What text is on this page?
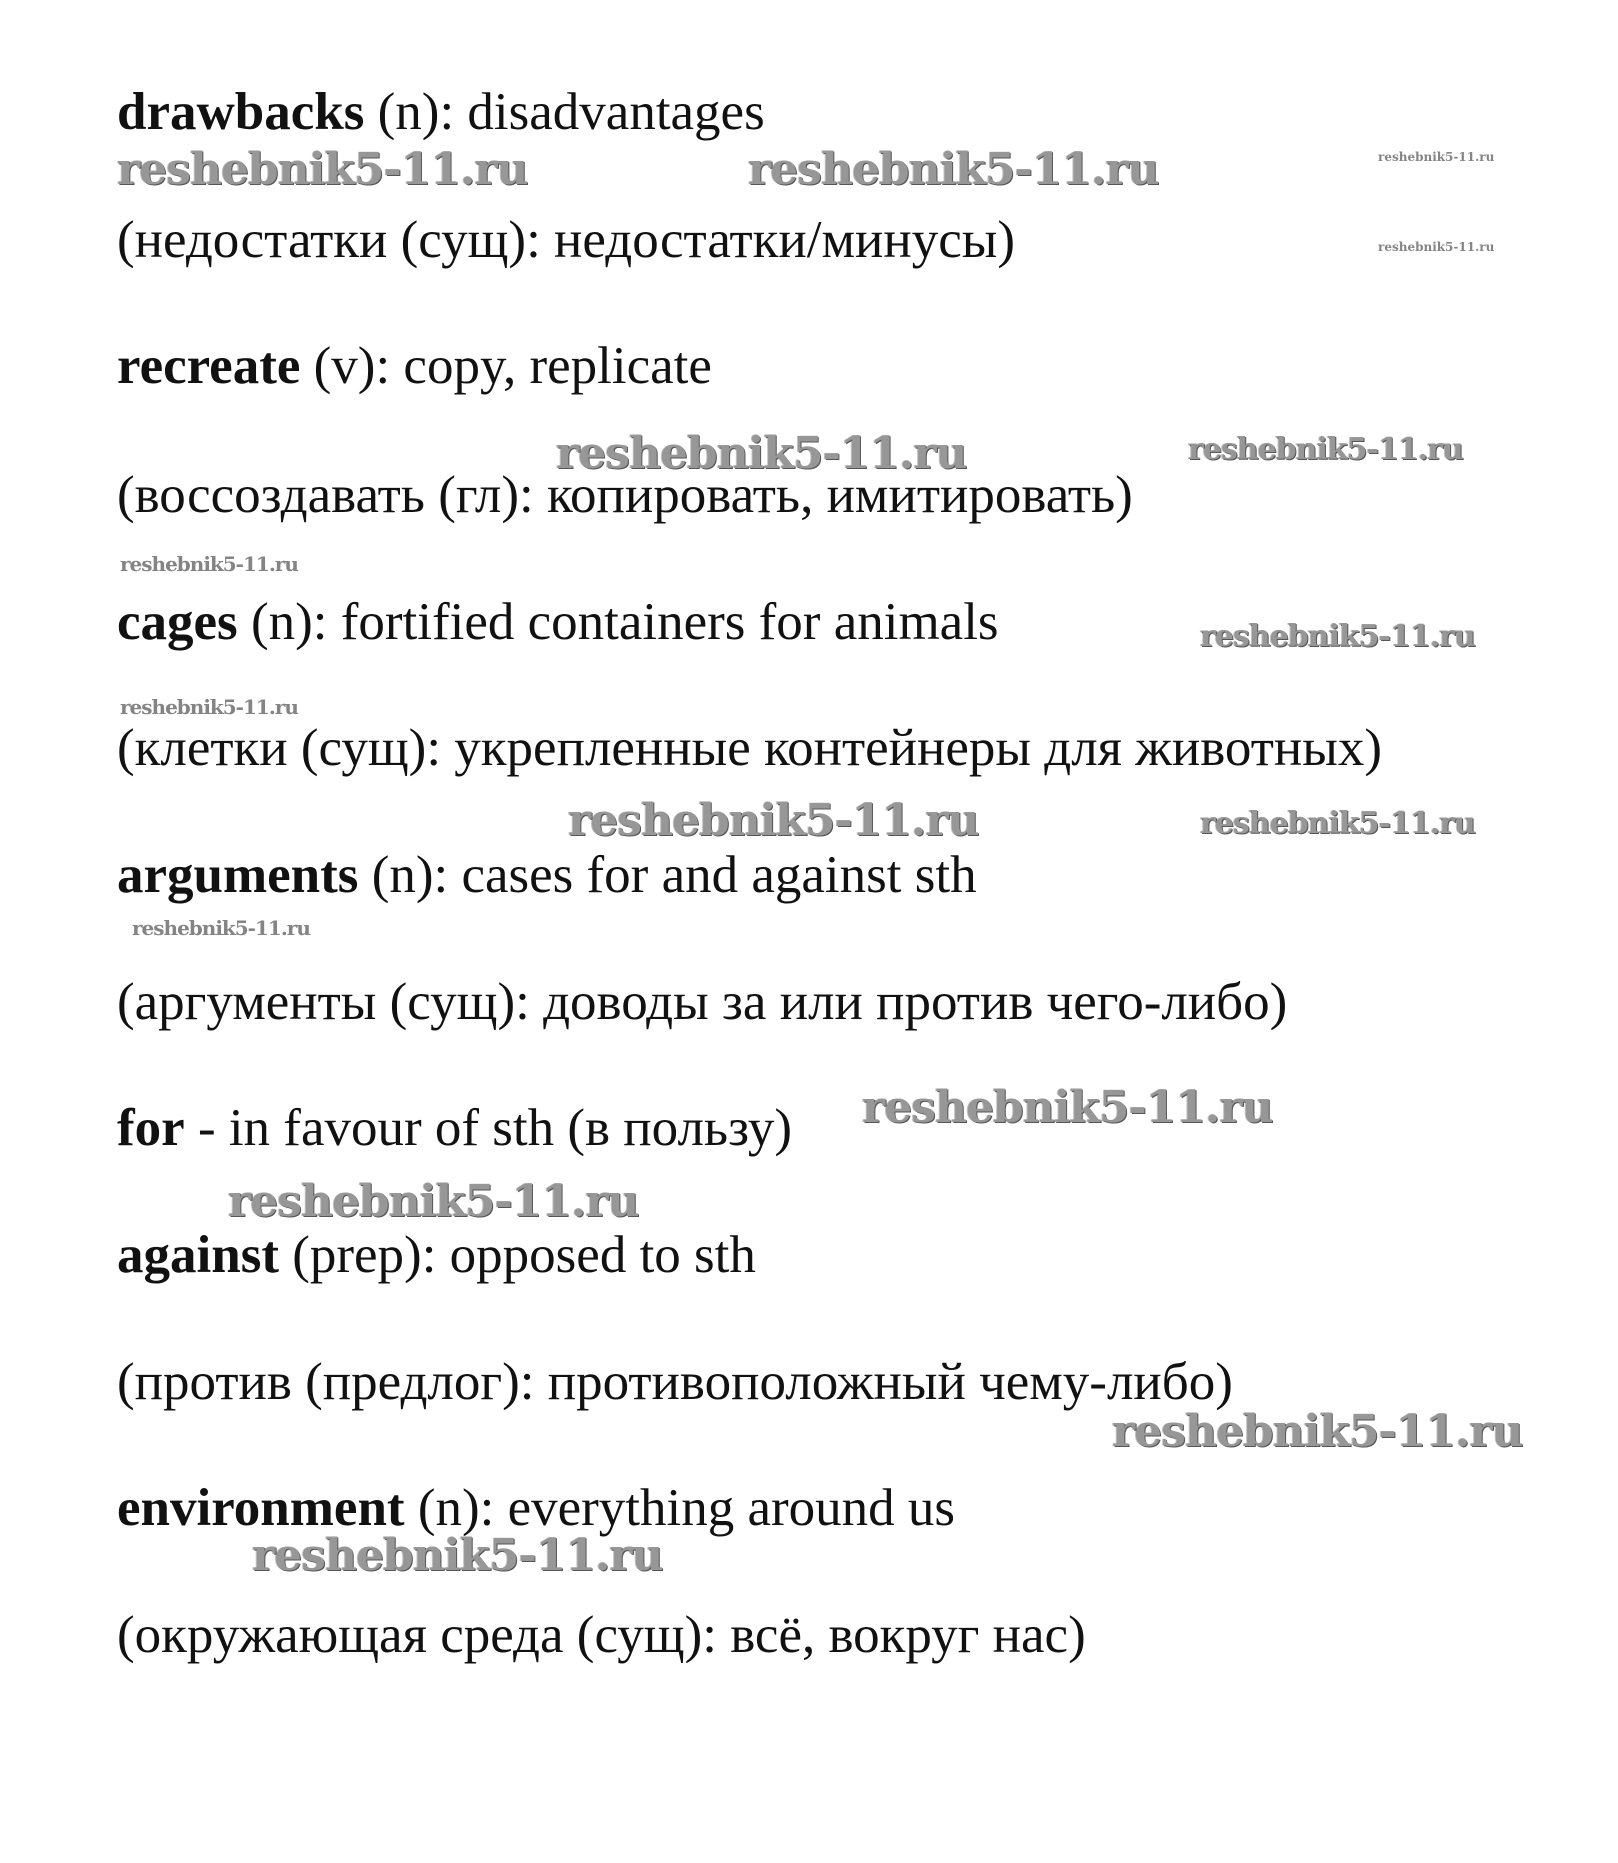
drawbacks (n): disadvantages

(недостатки (сущ): недостатки/минусы)

recreate (v): copy, replicate

(воссоздавать (гл): копировать, имитировать)

cages (n): fortified containers for animals

(клетки (сущ): укрепленные контейнеры для животных)

arguments (n): cases for and against sth

(аргументы (сущ): доводы за или против чего-либо)

for - in favour of sth (в пользу)

against (prep): opposed to sth

(против (предлог): противоположный чему-либо)

environment (n): everything around us

(окружающая среда (сущ): всё, вокруг нас)

reshebnik5-11.ru	reshebnik5-11.ru	reshebnik5-11.ru
reshebnik5-11.ru
reshebnik5-11.ru	reshebnik5-11.ru
reshebnik5-11.ru
reshebnik5-11.ru
reshebnik5-11.ru
reshebnik5-11.ru	reshebnik5-11.ru
reshebnik5-11.ru
reshebnik5-11.ru
reshebnik5-11.ru
reshebnik5-11.ru
reshebnik5-11.ru
